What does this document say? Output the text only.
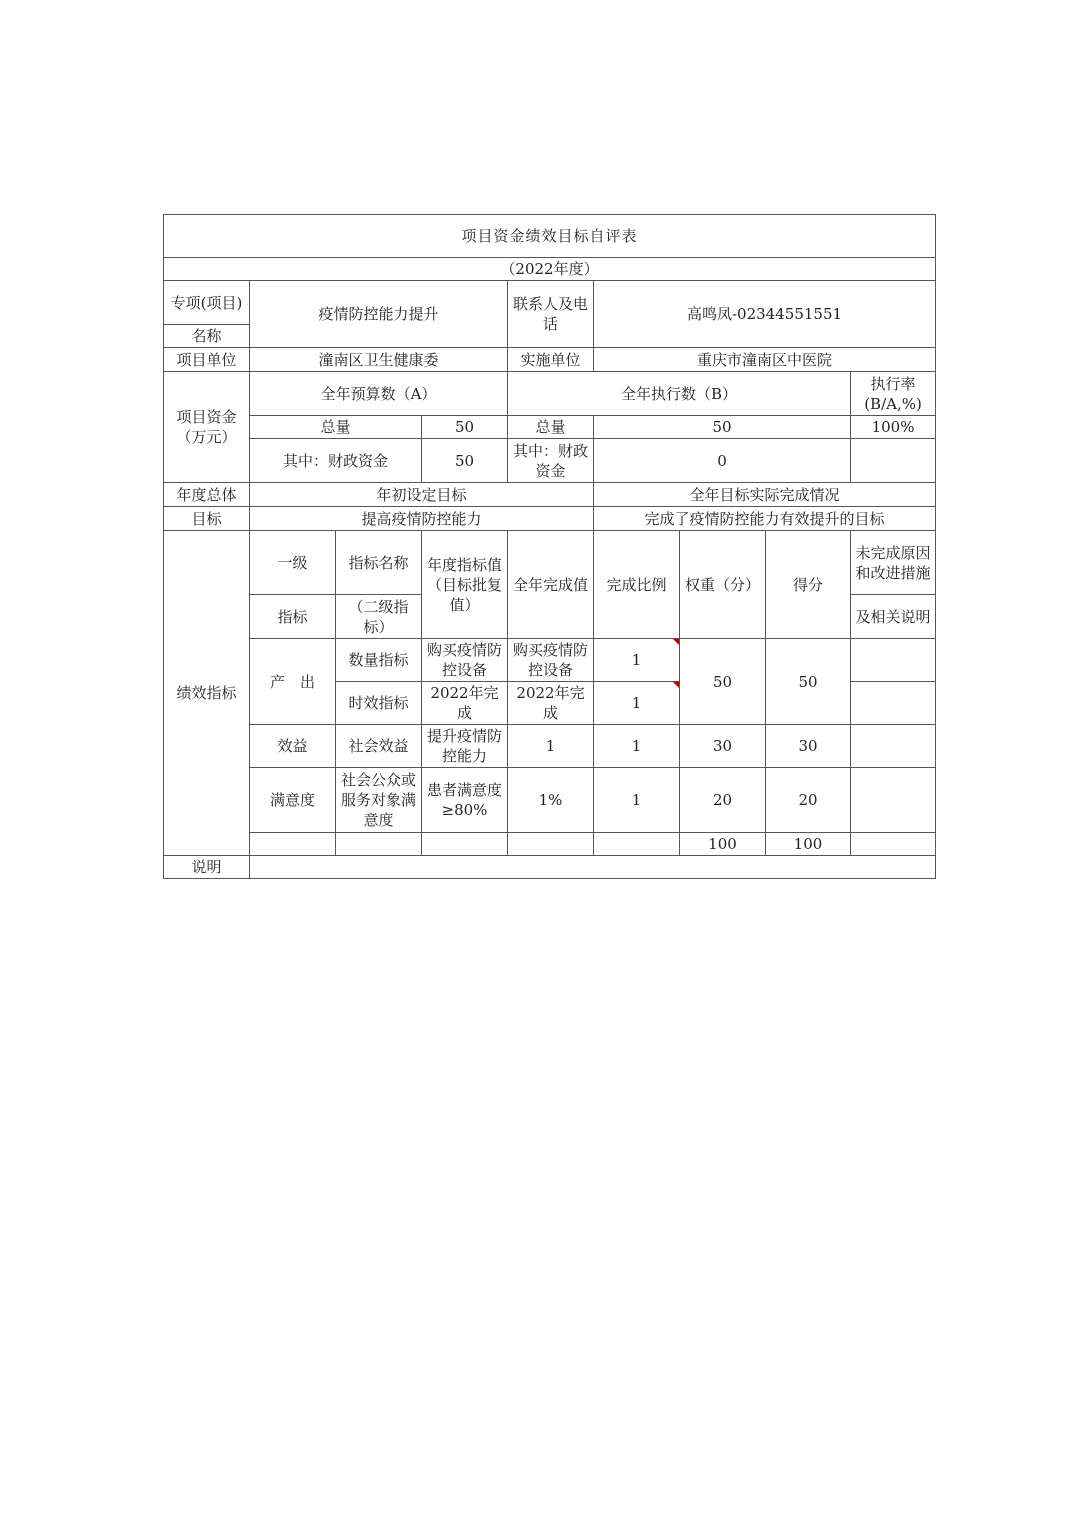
项目资金绩效目标自评表								
（2022年度）								
专项(项目)	疫情防控能力提升			联系人及电话	高鸣凤-02344551551			
名称								
项目单位	潼南区卫生健康委			实施单位	重庆市潼南区中医院			
项目资金（万元）	全年预算数（A）			全年执行数（B）				执行率(B/A,%)
	总量		50	总量	50			100%
	其中：财政资金		50	其中：财政资金	0			
年度总体	年初设定目标				全年目标实际完成情况			
目标	提高疫情防控能力				完成了疫情防控能力有效提升的目标			
绩效指标	一级	指标名称	年度指标值（目标批复值）	全年完成值	完成比例	权重（分）	得分	未完成原因和改进措施
	指标	（二级指标）						及相关说明
	产　出	数量指标	购买疫情防控设备	购买疫情防控设备	1	50	50	
		时效指标	2022年完成	2022年完成	1		

	效益	社会效益	提升疫情防控能力	1	1	30	30	
	满意度	社会公众或服务对象满意度	患者满意度≥80%	1%	1	20	20	
						100	100	
说明								
